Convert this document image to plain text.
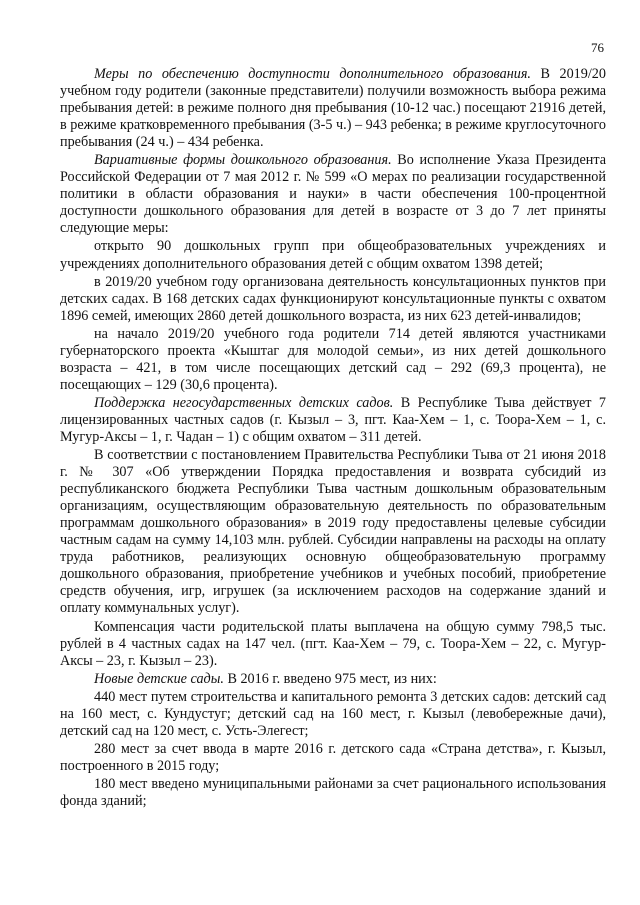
76

Меры по обеспечению доступности дополнительного образования. В 2019/20 учебном году родители (законные представители) получили возможность выбора режима пребывания детей: в режиме полного дня пребывания (10-12 час.) посещают 21916 детей, в режиме кратковременного пребывания (3-5 ч.) – 943 ребенка; в режиме круглосуточного пребывания (24 ч.) – 434 ребенка.

Вариативные формы дошкольного образования. Во исполнение Указа Президента Российской Федерации от 7 мая 2012 г. № 599 «О мерах по реализации государственной политики в области образования и науки» в части обеспечения 100-процентной доступности дошкольного образования для детей в возрасте от 3 до 7 лет приняты следующие меры:

открыто 90 дошкольных групп при общеобразовательных учреждениях и учреждениях дополнительного образования детей с общим охватом 1398 детей;

в 2019/20 учебном году организована деятельность консультационных пунктов при детских садах. В 168 детских садах функционируют консультационные пункты с охватом 1896 семей, имеющих 2860 детей дошкольного возраста, из них 623 детей-инвалидов;

на начало 2019/20 учебного года родители 714 детей являются участниками губернаторского проекта «Кыштаг для молодой семьи», из них детей дошкольного возраста – 421, в том числе посещающих детский сад – 292 (69,3 процента), не посещающих – 129 (30,6 процента).

Поддержка негосударственных детских садов. В Республике Тыва действует 7 лицензированных частных садов (г. Кызыл – 3, пгт. Каа-Хем – 1, с. Тоора-Хем – 1, с. Мугур-Аксы – 1, г. Чадан – 1) с общим охватом – 311 детей.

В соответствии с постановлением Правительства Республики Тыва от 21 июня 2018 г. № 307 «Об утверждении Порядка предоставления и возврата субсидий из республиканского бюджета Республики Тыва частным дошкольным образовательным организациям, осуществляющим образовательную деятельность по образовательным программам дошкольного образования» в 2019 году предоставлены целевые субсидии частным садам на сумму 14,103 млн. рублей. Субсидии направлены на расходы на оплату труда работников, реализующих основную общеобразовательную программу дошкольного образования, приобретение учебников и учебных пособий, приобретение средств обучения, игр, игрушек (за исключением расходов на содержание зданий и оплату коммунальных услуг).

Компенсация части родительской платы выплачена на общую сумму 798,5 тыс. рублей в 4 частных садах на 147 чел. (пгт. Каа-Хем – 79, с. Тоора-Хем – 22, с. Мугур-Аксы – 23, г. Кызыл – 23).

Новые детские сады. В 2016 г. введено 975 мест, из них:

440 мест путем строительства и капитального ремонта 3 детских садов: детский сад на 160 мест, с. Кундустуг; детский сад на 160 мест, г. Кызыл (левобережные дачи), детский сад на 120 мест, с. Усть-Элегест;

280 мест за счет ввода в марте 2016 г. детского сада «Страна детства», г. Кызыл, построенного в 2015 году;

180 мест введено муниципальными районами за счет рационального использования фонда зданий;
